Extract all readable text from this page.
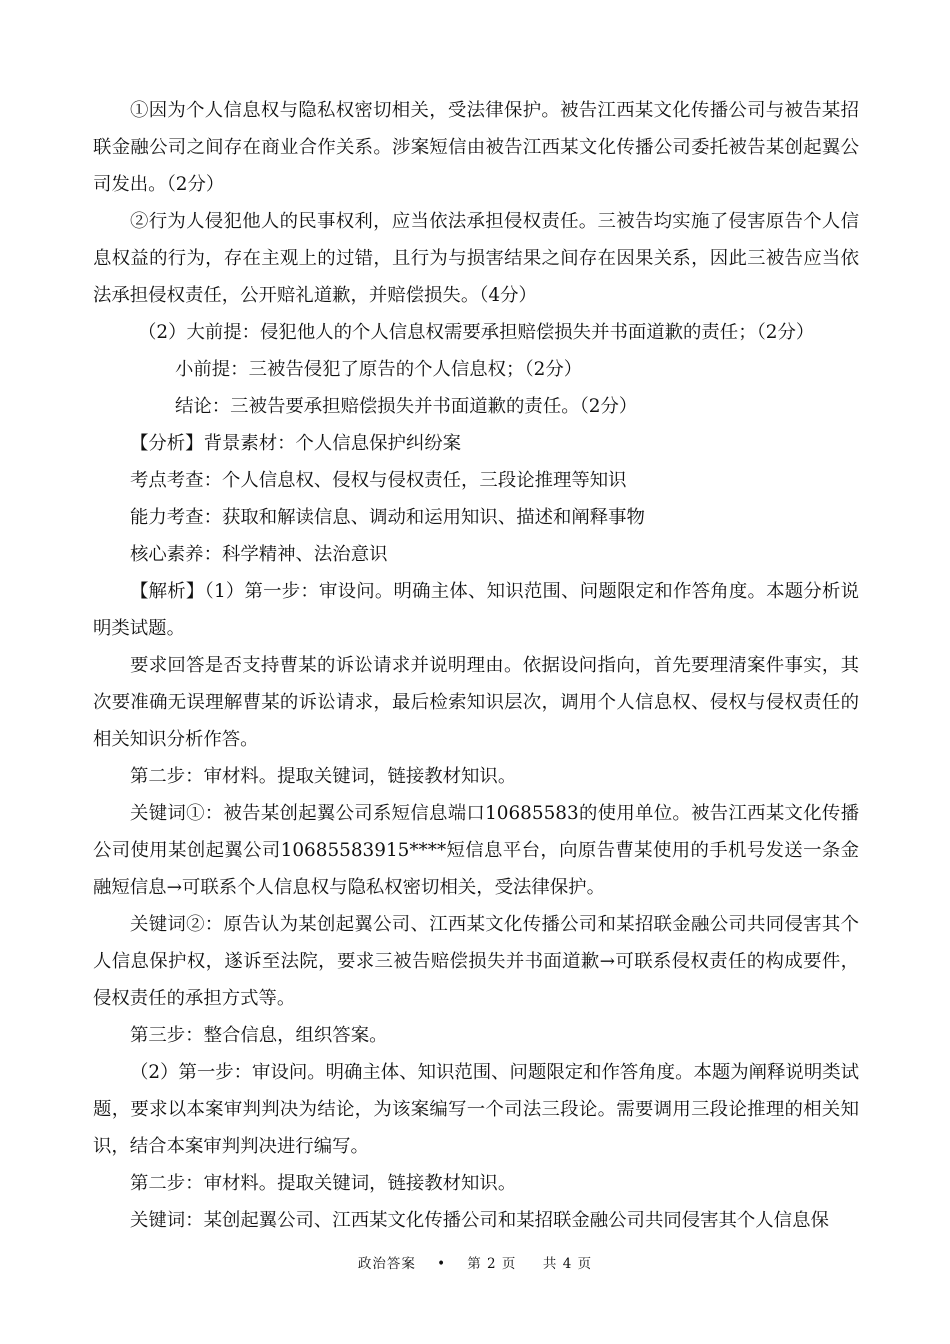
①因为个人信息权与隐私权密切相关，受法律保护。被告江西某文化传播公司与被告某招联金融公司之间存在商业合作关系。涉案短信由被告江西某文化传播公司委托被告某创起翼公司发出。（2分）

②行为人侵犯他人的民事权利，应当依法承担侵权责任。三被告均实施了侵害原告个人信息权益的行为，存在主观上的过错，且行为与损害结果之间存在因果关系，因此三被告应当依法承担侵权责任，公开赔礼道歉，并赔偿损失。（4分）

（2）大前提：侵犯他人的个人信息权需要承担赔偿损失并书面道歉的责任；（2分）

小前提：三被告侵犯了原告的个人信息权；（2分）

结论：三被告要承担赔偿损失并书面道歉的责任。（2分）

【分析】背景素材：个人信息保护纠纷案

考点考查：个人信息权、侵权与侵权责任，三段论推理等知识

能力考查：获取和解读信息、调动和运用知识、描述和阐释事物

核心素养：科学精神、法治意识

【解析】（1）第一步：审设问。明确主体、知识范围、问题限定和作答角度。本题分析说明类试题。

要求回答是否支持曹某的诉讼请求并说明理由。依据设问指向，首先要理清案件事实，其次要准确无误理解曹某的诉讼请求，最后检索知识层次，调用个人信息权、侵权与侵权责任的相关知识分析作答。

第二步：审材料。提取关键词，链接教材知识。

关键词①：被告某创起翼公司系短信息端口10685583的使用单位。被告江西某文化传播公司使用某创起翼公司10685583915****短信息平台，向原告曹某使用的手机号发送一条金融短信息→可联系个人信息权与隐私权密切相关，受法律保护。

关键词②：原告认为某创起翼公司、江西某文化传播公司和某招联金融公司共同侵害其个人信息保护权，遂诉至法院，要求三被告赔偿损失并书面道歉→可联系侵权责任的构成要件，侵权责任的承担方式等。

第三步：整合信息，组织答案。

（2）第一步：审设问。明确主体、知识范围、问题限定和作答角度。本题为阐释说明类试题，要求以本案审判判决为结论，为该案编写一个司法三段论。需要调用三段论推理的相关知识，结合本案审判判决进行编写。

第二步：审材料。提取关键词，链接教材知识。

关键词：某创起翼公司、江西某文化传播公司和某招联金融公司共同侵害其个人信息保

政治答案 • 第 2 页 共 4 页
